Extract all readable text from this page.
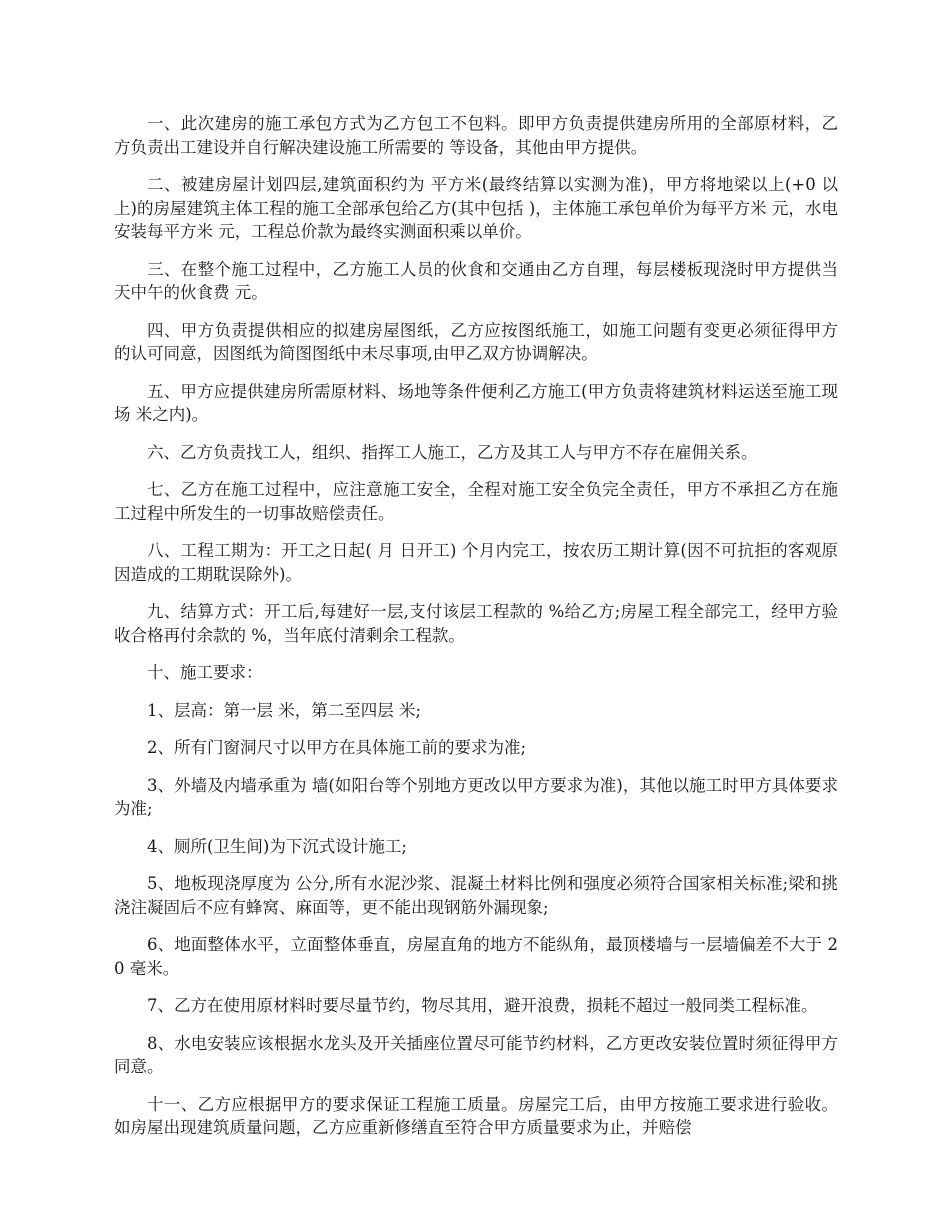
一、此次建房的施工承包方式为乙方包工不包料。即甲方负责提供建房所用的全部原材料，乙方负责出工建设并自行解决建设施工所需要的 等设备，其他由甲方提供。

二、被建房屋计划四层,建筑面积约为 平方米(最终结算以实测为准)，甲方将地梁以上(+0 以上)的房屋建筑主体工程的施工全部承包给乙方(其中包括 )，主体施工承包单价为每平方米 元，水电安装每平方米 元，工程总价款为最终实测面积乘以单价。

三、在整个施工过程中，乙方施工人员的伙食和交通由乙方自理，每层楼板现浇时甲方提供当天中午的伙食费 元。

四、甲方负责提供相应的拟建房屋图纸，乙方应按图纸施工，如施工问题有变更必须征得甲方的认可同意，因图纸为简图图纸中未尽事项,由甲乙双方协调解决。

五、甲方应提供建房所需原材料、场地等条件便利乙方施工(甲方负责将建筑材料运送至施工现场 米之内)。

六、乙方负责找工人，组织、指挥工人施工，乙方及其工人与甲方不存在雇佣关系。

七、乙方在施工过程中，应注意施工安全，全程对施工安全负完全责任，甲方不承担乙方在施工过程中所发生的一切事故赔偿责任。

八、工程工期为：开工之日起( 月 日开工) 个月内完工，按农历工期计算(因不可抗拒的客观原因造成的工期耽误除外)。

九、结算方式：开工后,每建好一层,支付该层工程款的 %给乙方;房屋工程全部完工，经甲方验收合格再付余款的 %，当年底付清剩余工程款。

十、施工要求：

1、层高：第一层 米，第二至四层 米;

2、所有门窗洞尺寸以甲方在具体施工前的要求为准;

3、外墙及内墙承重为 墙(如阳台等个别地方更改以甲方要求为准)，其他以施工时甲方具体要求为准;

4、厕所(卫生间)为下沉式设计施工;

5、地板现浇厚度为 公分,所有水泥沙浆、混凝土材料比例和强度必须符合国家相关标准;梁和挑浇注凝固后不应有蜂窝、麻面等，更不能出现钢筋外漏现象;

6、地面整体水平，立面整体垂直，房屋直角的地方不能纵角，最顶楼墙与一层墙偏差不大于 20 毫米。

7、乙方在使用原材料时要尽量节约，物尽其用，避开浪费，损耗不超过一般同类工程标准。

8、水电安装应该根据水龙头及开关插座位置尽可能节约材料，乙方更改安装位置时须征得甲方同意。

十一、乙方应根据甲方的要求保证工程施工质量。房屋完工后，由甲方按施工要求进行验收。如房屋出现建筑质量问题，乙方应重新修缮直至符合甲方质量要求为止，并赔偿
